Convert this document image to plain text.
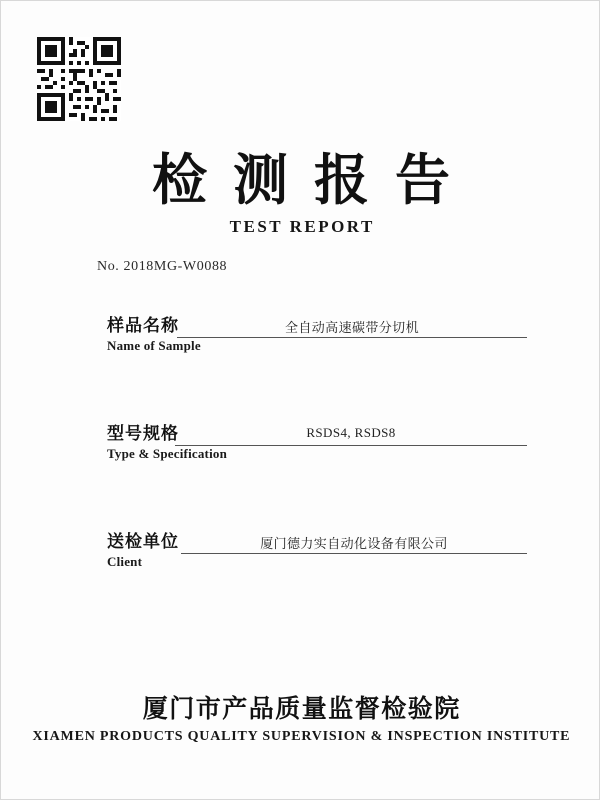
检测报告
TEST REPORT
No. 2018MG-W0088
样品名称
Name of Sample
全自动高速碳带分切机
型号规格
Type & Specification
RSDS4, RSDS8
送检单位
Client
厦门德力实自动化设备有限公司
厦门市产品质量监督检验院
XIAMEN PRODUCTS QUALITY SUPERVISION & INSPECTION INSTITUTE
